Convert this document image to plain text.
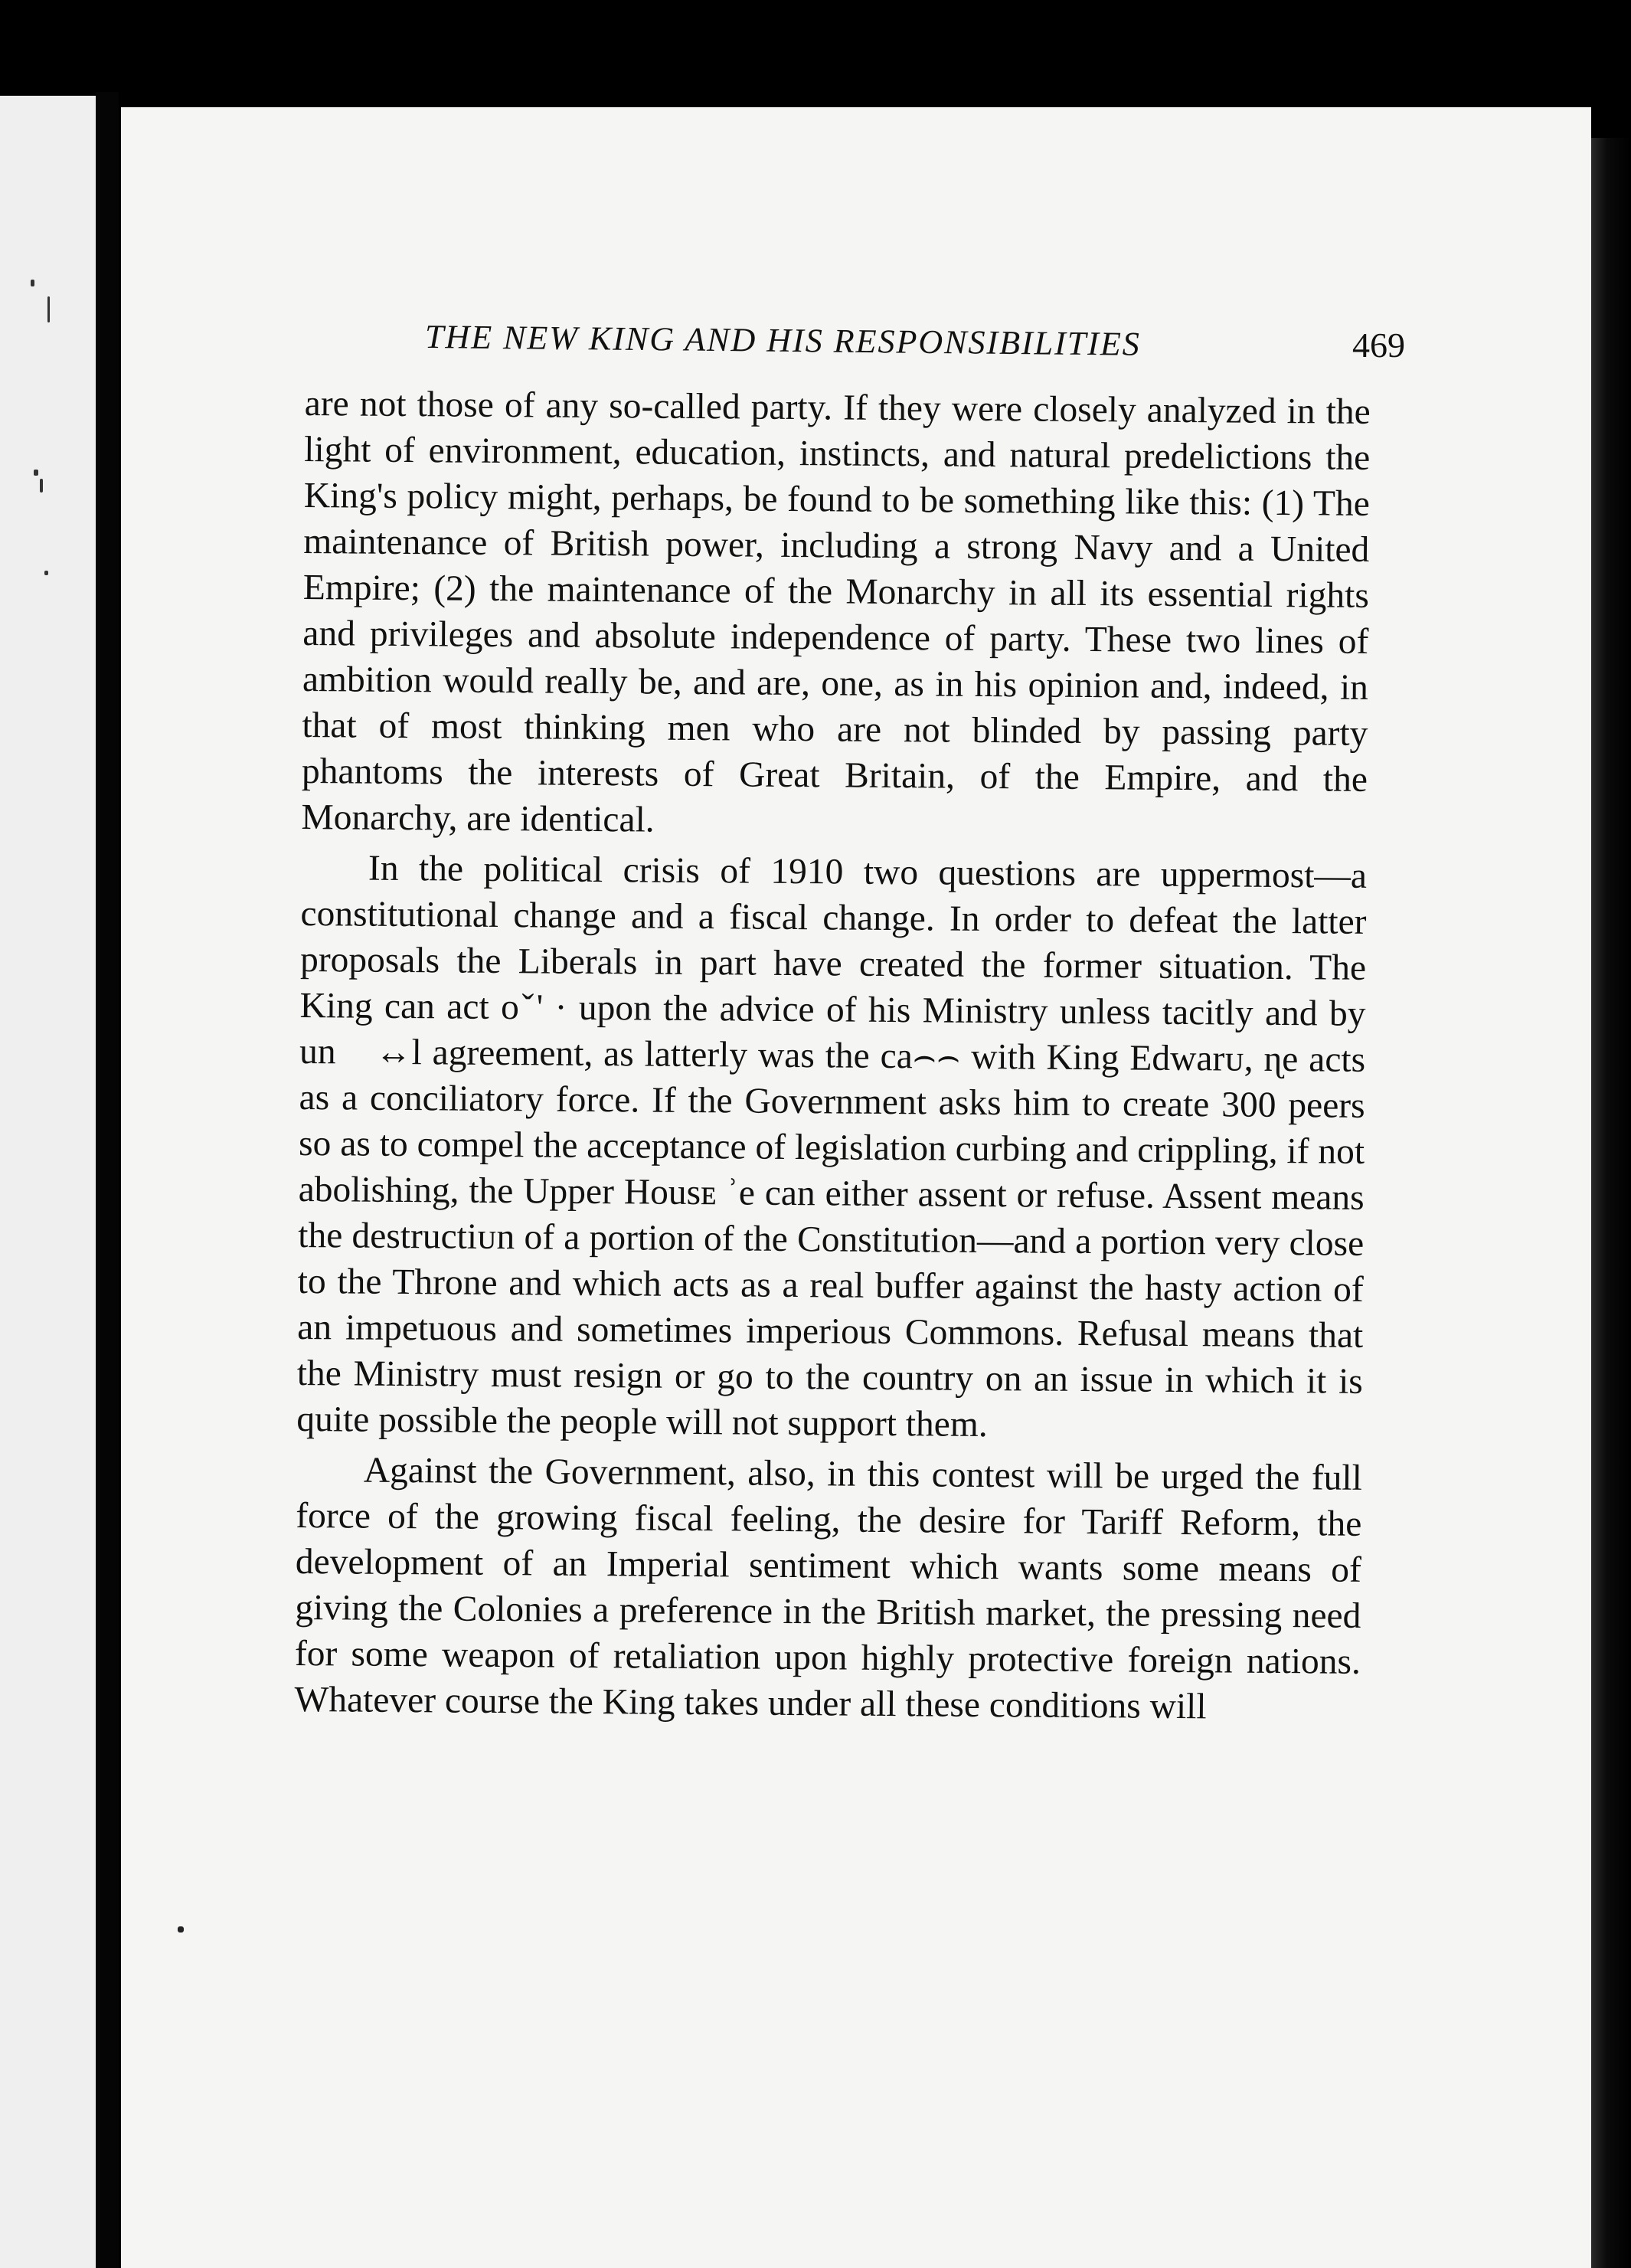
THE NEW KING AND HIS RESPONSIBILITIES	469

are not those of any so-called party. If they were closely analyzed in the light of environment, education, instincts, and natural predelictions the King's policy might, perhaps, be found to be something like this: (1) The maintenance of British power, including a strong Navy and a United Empire; (2) the maintenance of the Monarchy in all its essential rights and privileges and absolute independence of party. These two lines of ambition would really be, and are, one, as in his opinion and, indeed, in that of most thinking men who are not blinded by passing party phantoms the interests of Great Britain, of the Empire, and the Monarchy, are identical.

In the political crisis of 1910 two questions are uppermost—a constitutional change and a fiscal change. In order to defeat the latter proposals the Liberals in part have created the former situation. The King can act oˇ' · upon the advice of his Ministry unless tacitly and by un   ↔l agreement, as latterly was the ca⌢⌢ with King Edwarᴜ, ɳe acts as a conciliatory force. If the Government asks him to create 300 peers so as to compel the acceptance of legislation curbing and crippling, if not abolishing, the Upper Housᴇ ʾe can either assent or refuse. Assent means the destructiᴜn of a portion of the Constitution—and a portion very close to the Throne and which acts as a real buffer against the hasty action of an impetuous and sometimes imperious Commons. Refusal means that the Ministry must resign or go to the country on an issue in which it is quite possible the people will not support them.

Against the Government, also, in this contest will be urged the full force of the growing fiscal feeling, the desire for Tariff Reform, the development of an Imperial sentiment which wants some means of giving the Colonies a preference in the British market, the pressing need for some weapon of retaliation upon highly protective foreign nations. Whatever course the King takes under all these conditions will
